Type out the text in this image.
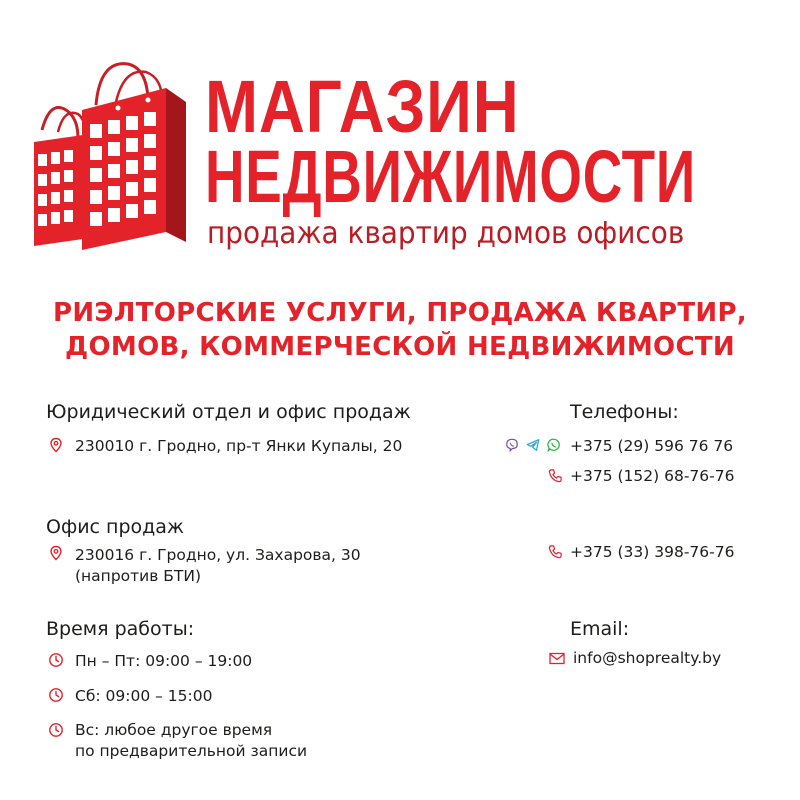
МАГАЗИН
НЕДВИЖИМОСТИ
продажа квартир домов офисов
РИЭЛТОРСКИЕ УСЛУГИ, ПРОДАЖА КВАРТИР,
ДОМОВ, КОММЕРЧЕСКОЙ НЕДВИЖИМОСТИ
Юридический отдел и офис продаж
230010 г. Гродно, пр-т Янки Купалы, 20
Офис продаж
230016 г. Гродно, ул. Захарова, 30
(напротив БТИ)
Время работы:
Пн – Пт: 09:00 – 19:00
Сб: 09:00 – 15:00
Вс: любое другое время
по предварительной записи
Телефоны:
+375 (29) 596 76 76
+375 (152) 68-76-76
+375 (33) 398-76-76
Email:
info@shoprealty.by
